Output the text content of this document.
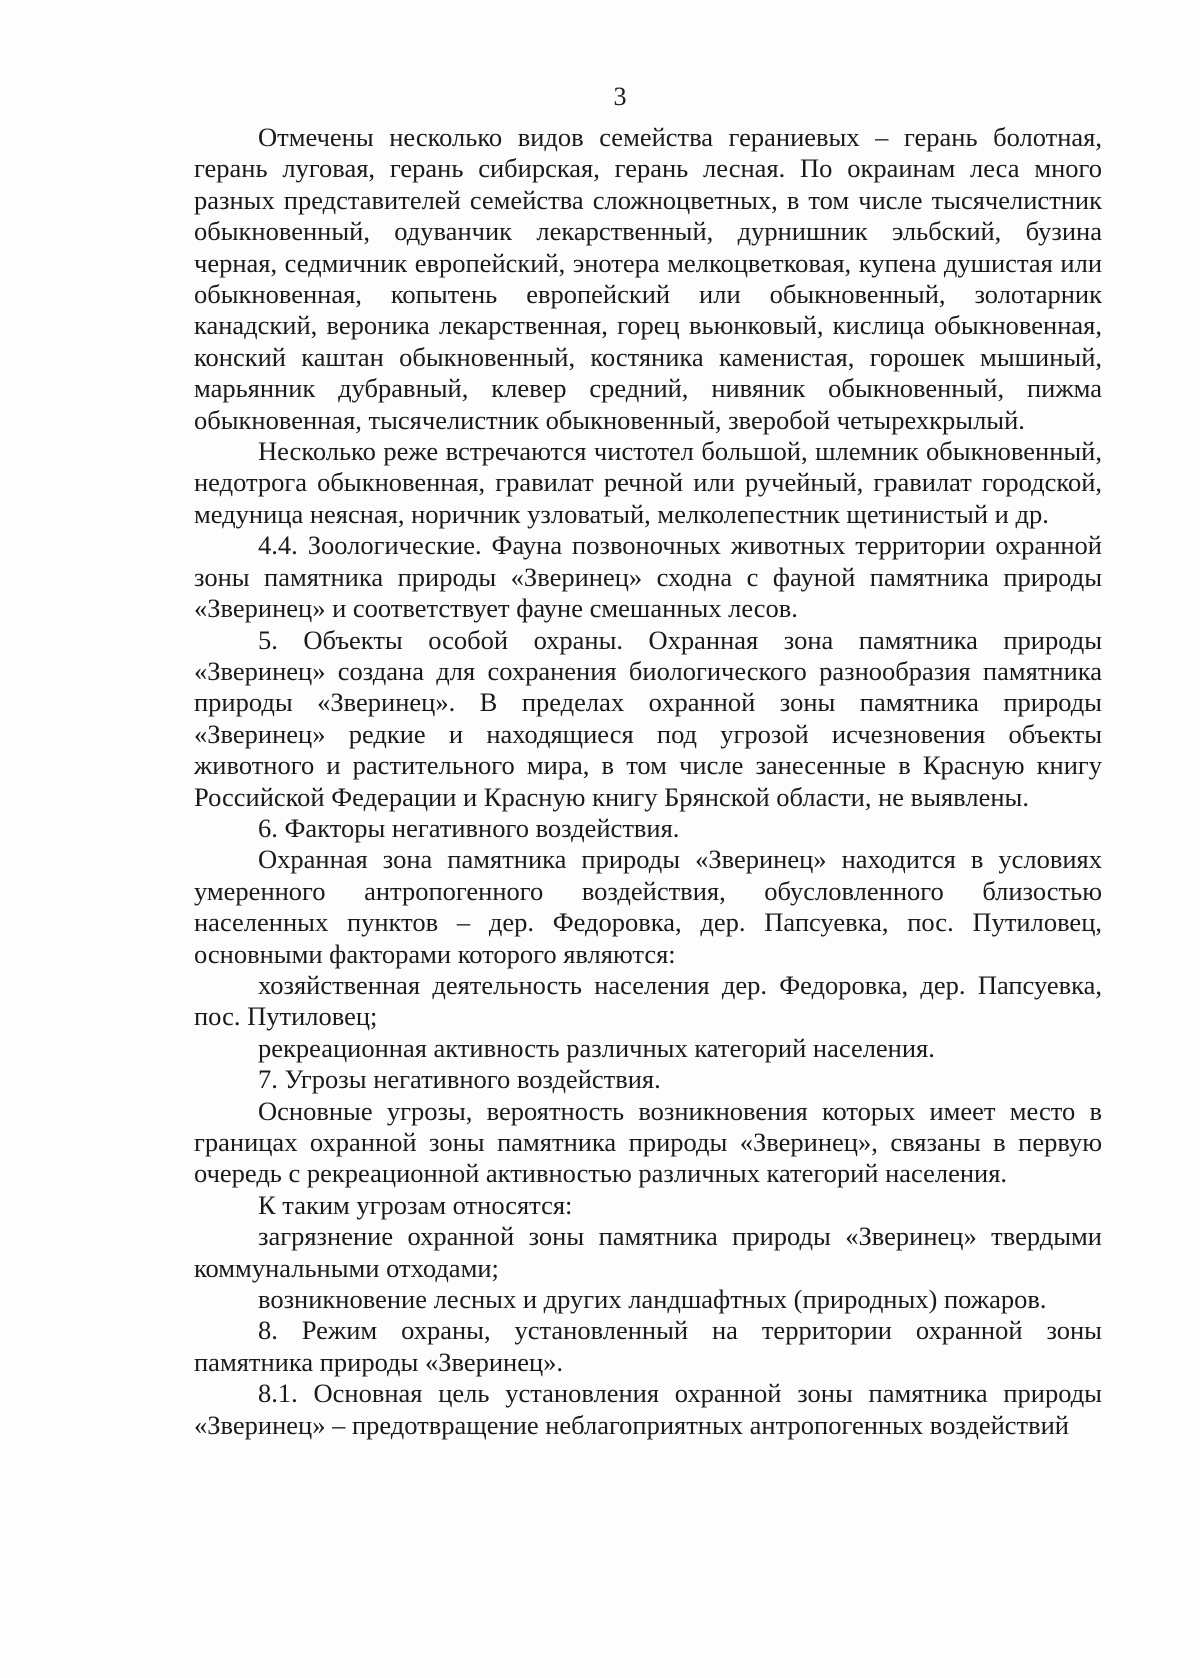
3

Отмечены несколько видов семейства гераниевых – герань болотная, герань луговая, герань сибирская, герань лесная. По окраинам леса много разных представителей семейства сложноцветных, в том числе тысячелистник обыкновенный, одуванчик лекарственный, дурнишник эльбский, бузина черная, седмичник европейский, энотера мелкоцветковая, купена душистая или обыкновенная, копытень европейский или обыкновенный, золотарник канадский, вероника лекарственная, горец вьюнковый, кислица обыкновенная, конский каштан обыкновенный, костяника каменистая, горошек мышиный, марьянник дубравный, клевер средний, нивяник обыкновенный, пижма обыкновенная, тысячелистник обыкновенный, зверобой четырехкрылый.

Несколько реже встречаются чистотел большой, шлемник обыкновенный, недотрога обыкновенная, гравилат речной или ручейный, гравилат городской, медуница неясная, норичник узловатый, мелколепестник щетинистый и др.

4.4. Зоологические. Фауна позвоночных животных территории охранной зоны памятника природы «Зверинец» сходна с фауной памятника природы «Зверинец» и соответствует фауне смешанных лесов.

5. Объекты особой охраны. Охранная зона памятника природы «Зверинец» создана для сохранения биологического разнообразия памятника природы «Зверинец». В пределах охранной зоны памятника природы «Зверинец» редкие и находящиеся под угрозой исчезновения объекты животного и растительного мира, в том числе занесенные в Красную книгу Российской Федерации и Красную книгу Брянской области, не выявлены.

6. Факторы негативного воздействия.

Охранная зона памятника природы «Зверинец» находится в условиях умеренного антропогенного воздействия, обусловленного близостью населенных пунктов – дер. Федоровка, дер. Папсуевка, пос. Путиловец, основными факторами которого являются:

хозяйственная деятельность населения дер. Федоровка, дер. Папсуевка, пос. Путиловец;

рекреационная активность различных категорий населения.

7. Угрозы негативного воздействия.

Основные угрозы, вероятность возникновения которых имеет место в границах охранной зоны памятника природы «Зверинец», связаны в первую очередь с рекреационной активностью различных категорий населения.

К таким угрозам относятся:

загрязнение охранной зоны памятника природы «Зверинец» твердыми коммунальными отходами;

возникновение лесных и других ландшафтных (природных) пожаров.

8. Режим охраны, установленный на территории охранной зоны памятника природы «Зверинец».

8.1. Основная цель установления охранной зоны памятника природы «Зверинец» – предотвращение неблагоприятных антропогенных воздействий
